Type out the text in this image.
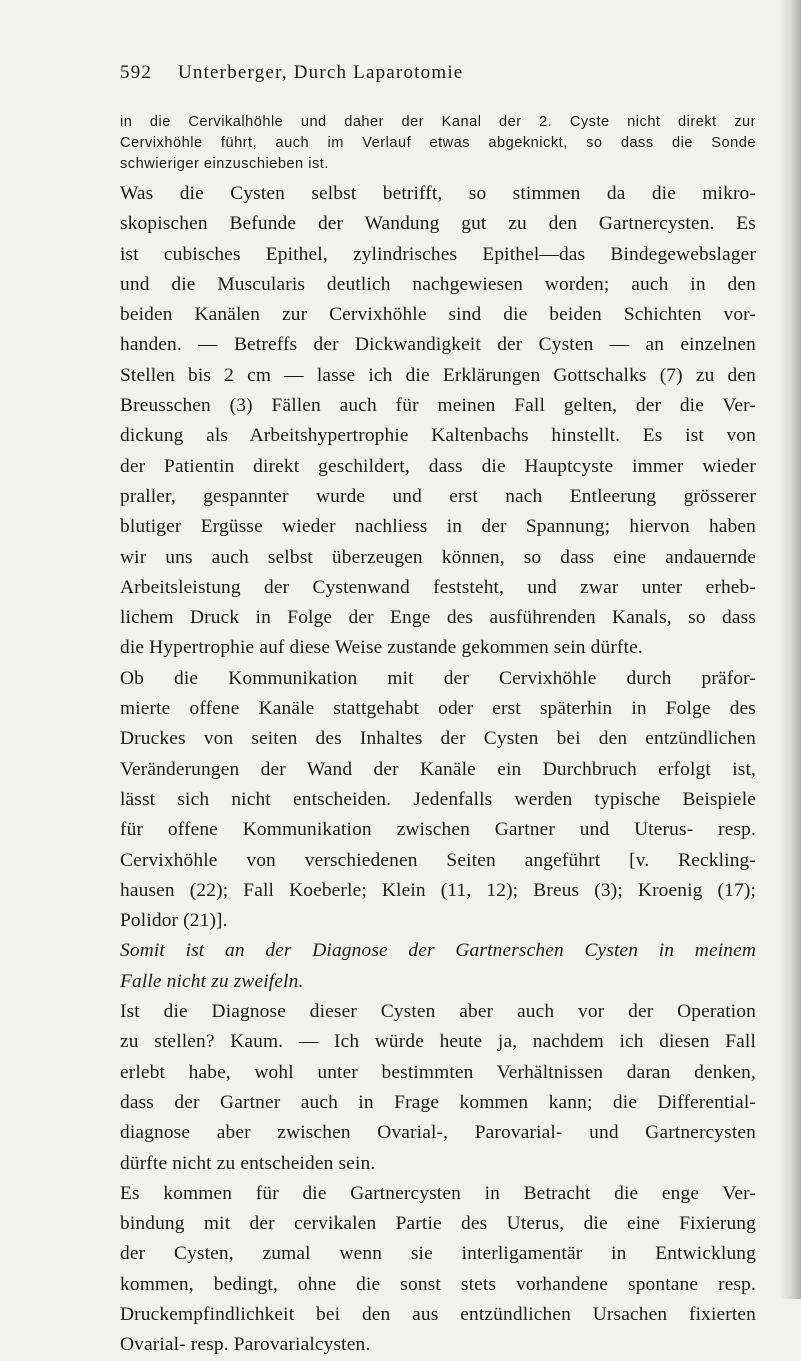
592 Unterberger, Durch Laparotomie
in die Cervikalhöhle und daher der Kanal der 2. Cyste nicht direkt zur
Cervixhöhle führt, auch im Verlauf etwas abgeknickt, so dass die Sonde
schwieriger einzuschieben ist.
Was die Cysten selbst betrifft, so stimmen da die mikro-
skopischen Befunde der Wandung gut zu den Gartnercysten. Es
ist cubisches Epithel, zylindrisches Epithel—das Bindegewebslager
und die Muscularis deutlich nachgewiesen worden; auch in den
beiden Kanälen zur Cervixhöhle sind die beiden Schichten vor-
handen. — Betreffs der Dickwandigkeit der Cysten — an einzelnen
Stellen bis 2 cm — lasse ich die Erklärungen Gottschalks (7) zu den
Breusschen (3) Fällen auch für meinen Fall gelten, der die Ver-
dickung als Arbeitshypertrophie Kaltenbachs hinstellt. Es ist von
der Patientin direkt geschildert, dass die Hauptcyste immer wieder
praller, gespannter wurde und erst nach Entleerung grösserer
blutiger Ergüsse wieder nachliess in der Spannung; hiervon haben
wir uns auch selbst überzeugen können, so dass eine andauernde
Arbeitsleistung der Cystenwand feststeht, und zwar unter erheb-
lichem Druck in Folge der Enge des ausführenden Kanals, so dass
die Hypertrophie auf diese Weise zustande gekommen sein dürfte.
Ob die Kommunikation mit der Cervixhöhle durch präfor-
mierte offene Kanäle stattgehabt oder erst späterhin in Folge des
Druckes von seiten des Inhaltes der Cysten bei den entzündlichen
Veränderungen der Wand der Kanäle ein Durchbruch erfolgt ist,
lässt sich nicht entscheiden. Jedenfalls werden typische Beispiele
für offene Kommunikation zwischen Gartner und Uterus- resp.
Cervixhöhle von verschiedenen Seiten angeführt [v. Reckling-
hausen (22); Fall Koeberle; Klein (11, 12); Breus (3); Kroenig (17);
Polidor (21)].
Somit ist an der Diagnose der Gartnerschen Cysten in meinem
Falle nicht zu zweifeln.
Ist die Diagnose dieser Cysten aber auch vor der Operation
zu stellen? Kaum. — Ich würde heute ja, nachdem ich diesen Fall
erlebt habe, wohl unter bestimmten Verhältnissen daran denken,
dass der Gartner auch in Frage kommen kann; die Differential-
diagnose aber zwischen Ovarial-, Parovarial- und Gartnercysten
dürfte nicht zu entscheiden sein.
Es kommen für die Gartnercysten in Betracht die enge Ver-
bindung mit der cervikalen Partie des Uterus, die eine Fixierung
der Cysten, zumal wenn sie interligamentär in Entwicklung
kommen, bedingt, ohne die sonst stets vorhandene spontane resp.
Druckempfindlichkeit bei den aus entzündlichen Ursachen fixierten
Ovarial- resp. Parovarialcysten.
